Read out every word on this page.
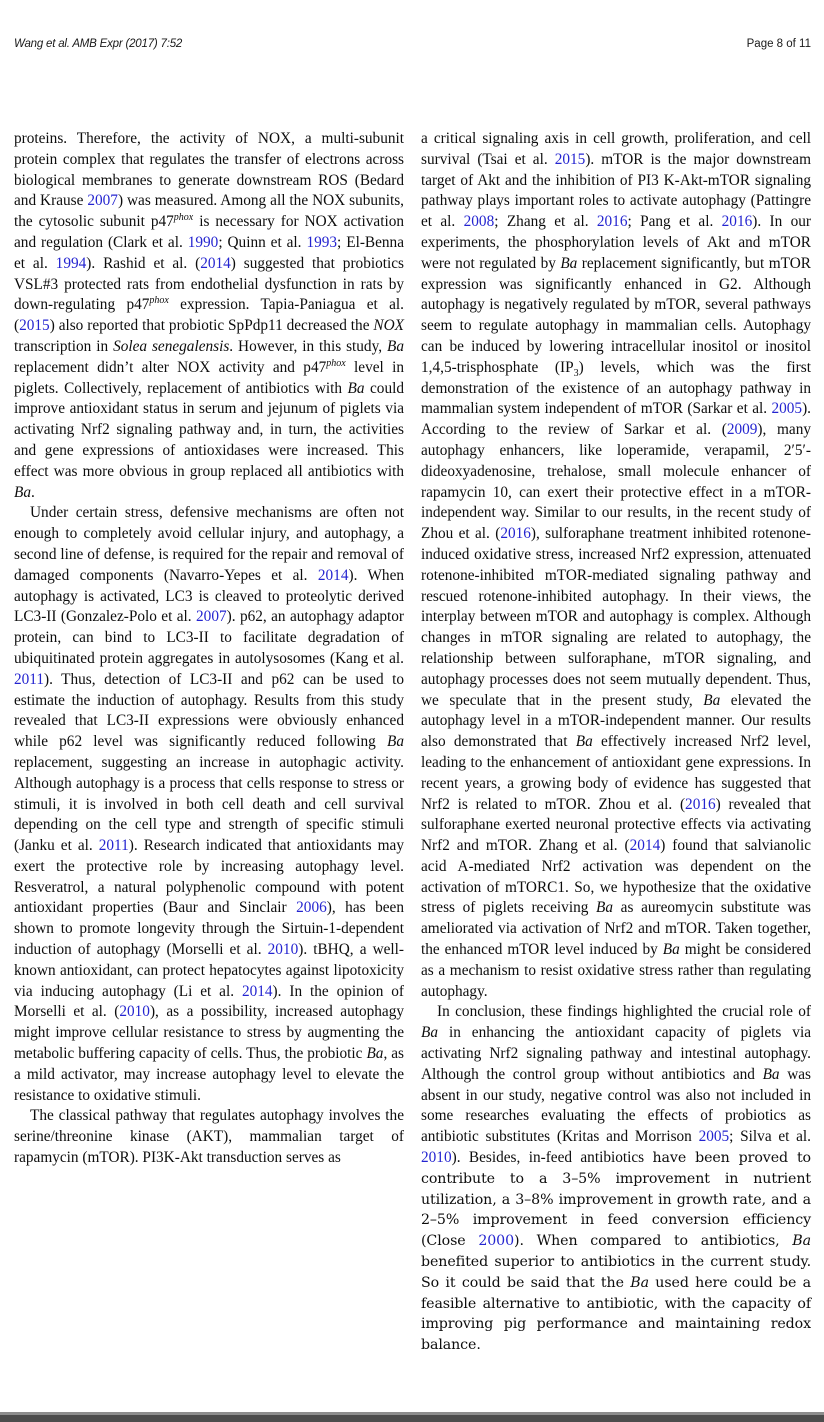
Wang et al. AMB Expr (2017) 7:52	Page 8 of 11

proteins. Therefore, the activity of NOX, a multi-subunit protein complex that regulates the transfer of electrons across biological membranes to generate downstream ROS (Bedard and Krause 2007) was measured. Among all the NOX subunits, the cytosolic subunit $p47^{phox}$ is necessary for NOX activation and regulation (Clark et al. 1990; Quinn et al. 1993; El-Benna et al. 1994). Rashid et al. (2014) suggested that probiotics VSL#3 protected rats from endothelial dysfunction in rats by down-regulating $p47^{phox}$ expression. Tapia-Paniagua et al. (2015) also reported that probiotic SpPdp11 decreased the NOX transcription in Solea senegalensis. However, in this study, Ba replacement didn’t alter NOX activity and $p47^{phox}$ level in piglets. Collectively, replacement of antibiotics with Ba could improve antioxidant status in serum and jejunum of piglets via activating Nrf2 signaling pathway and, in turn, the activities and gene expressions of antioxidases were increased. This effect was more obvious in group replaced all antibiotics with Ba.

Under certain stress, defensive mechanisms are often not enough to completely avoid cellular injury, and autophagy, a second line of defense, is required for the repair and removal of damaged components (Navarro-Yepes et al. 2014). When autophagy is activated, LC3 is cleaved to proteolytic derived LC3-II (Gonzalez-Polo et al. 2007). p62, an autophagy adaptor protein, can bind to LC3-II to facilitate degradation of ubiquitinated protein aggregates in autolysosomes (Kang et al. 2011). Thus, detection of LC3-II and p62 can be used to estimate the induction of autophagy. Results from this study revealed that LC3-II expressions were obviously enhanced while p62 level was significantly reduced following Ba replacement, suggesting an increase in autophagic activity. Although autophagy is a process that cells response to stress or stimuli, it is involved in both cell death and cell survival depending on the cell type and strength of specific stimuli (Janku et al. 2011). Research indicated that antioxidants may exert the protective role by increasing autophagy level. Resveratrol, a natural polyphenolic compound with potent antioxidant properties (Baur and Sinclair 2006), has been shown to promote longevity through the Sirtuin-1-dependent induction of autophagy (Morselli et al. 2010). tBHQ, a well-known antioxidant, can protect hepatocytes against lipotoxicity via inducing autophagy (Li et al. 2014). In the opinion of Morselli et al. (2010), as a possibility, increased autophagy might improve cellular resistance to stress by augmenting the metabolic buffering capacity of cells. Thus, the probiotic Ba, as a mild activator, may increase autophagy level to elevate the resistance to oxidative stimuli.

The classical pathway that regulates autophagy involves the serine/threonine kinase (AKT), mammalian target of rapamycin (mTOR). PI3K-Akt transduction serves as

a critical signaling axis in cell growth, proliferation, and cell survival (Tsai et al. 2015). mTOR is the major downstream target of Akt and the inhibition of PI3 K-Akt-mTOR signaling pathway plays important roles to activate autophagy (Pattingre et al. 2008; Zhang et al. 2016; Pang et al. 2016). In our experiments, the phosphorylation levels of Akt and mTOR were not regulated by Ba replacement significantly, but mTOR expression was significantly enhanced in G2. Although autophagy is negatively regulated by mTOR, several pathways seem to regulate autophagy in mammalian cells. Autophagy can be induced by lowering intracellular inositol or inositol 1,4,5-trisphosphate $(IP_3)$ levels, which was the first demonstration of the existence of an autophagy pathway in mammalian system independent of mTOR (Sarkar et al. 2005). According to the review of Sarkar et al. (2009), many autophagy enhancers, like loperamide, verapamil, 2′5′-dideoxyadenosine, trehalose, small molecule enhancer of rapamycin 10, can exert their protective effect in a mTOR-independent way. Similar to our results, in the recent study of Zhou et al. (2016), sulforaphane treatment inhibited rotenone-induced oxidative stress, increased Nrf2 expression, attenuated rotenone-inhibited mTOR-mediated signaling pathway and rescued rotenone-inhibited autophagy. In their views, the interplay between mTOR and autophagy is complex. Although changes in mTOR signaling are related to autophagy, the relationship between sulforaphane, mTOR signaling, and autophagy processes does not seem mutually dependent. Thus, we speculate that in the present study, Ba elevated the autophagy level in a mTOR-independent manner. Our results also demonstrated that Ba effectively increased Nrf2 level, leading to the enhancement of antioxidant gene expressions. In recent years, a growing body of evidence has suggested that Nrf2 is related to mTOR. Zhou et al. (2016) revealed that sulforaphane exerted neuronal protective effects via activating Nrf2 and mTOR. Zhang et al. (2014) found that salvianolic acid A-mediated Nrf2 activation was dependent on the activation of mTORC1. So, we hypothesize that the oxidative stress of piglets receiving Ba as aureomycin substitute was ameliorated via activation of Nrf2 and mTOR. Taken together, the enhanced mTOR level induced by Ba might be considered as a mechanism to resist oxidative stress rather than regulating autophagy.

In conclusion, these findings highlighted the crucial role of Ba in enhancing the antioxidant capacity of piglets via activating Nrf2 signaling pathway and intestinal autophagy. Although the control group without antibiotics and Ba was absent in our study, negative control was also not included in some researches evaluating the effects of probiotics as antibiotic substitutes (Kritas and Morrison 2005; Silva et al. 2010). Besides, in-feed antibiotics have been proved to contribute to a 3–5% improvement in nutrient utilization, a 3–8% improvement in growth rate, and a 2–5% improvement in feed conversion efficiency (Close 2000). When compared to antibiotics, Ba benefited superior to antibiotics in the current study. So it could be said that the Ba used here could be a feasible alternative to antibiotic, with the capacity of improving pig performance and maintaining redox balance.
